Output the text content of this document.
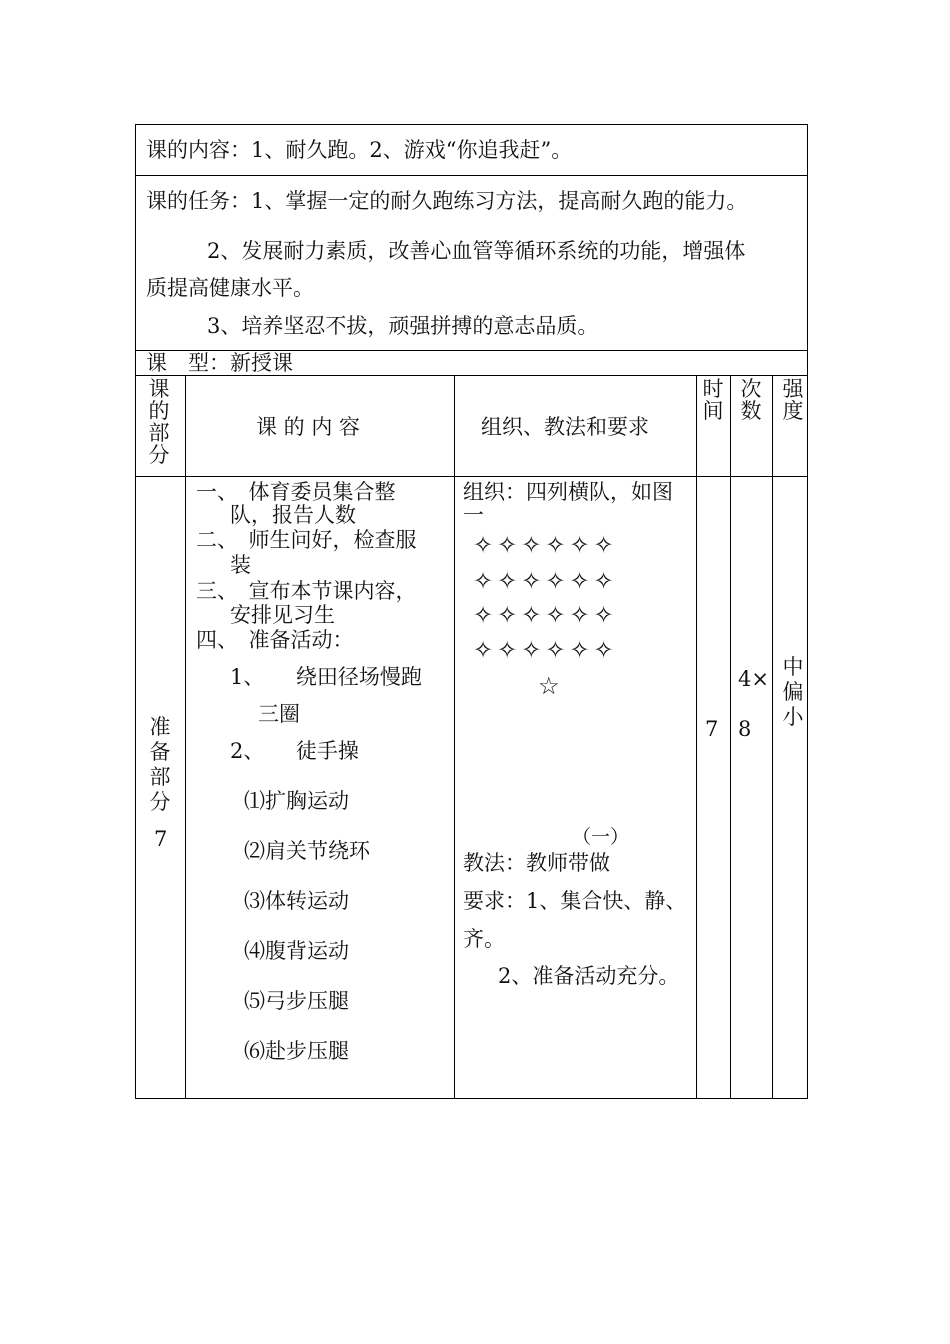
课的内容：1、耐久跑。2、游戏“你追我赶”。
课的任务：1、掌握一定的耐久跑练习方法，提高耐久跑的能力。
2、发展耐力素质，改善心血管等循环系统的功能，增强体
质提高健康水平。
3、培养坚忍不拔，顽强拼搏的意志品质。
课　型：新授课
课的部分
课 的 内 容	组织、教法和要求
时间
次数
强度
准备部分
7
一、　体育委员集合整
队，报告人数
二、　师生问好，检查服
装
三、　宣布本节课内容，
安排见习生
四、　准备活动：
1、　　绕田径场慢跑
三圈
2、　　徒手操
⑴扩胸运动
⑵肩关节绕环
⑶体转运动
⑷腹背运动
⑸弓步压腿
⑹赴步压腿
组织：四列横队，如图
一
✧✧✧✧✧✧
✧✧✧✧✧✧
✧✧✧✧✧✧
✧✧✧✧✧✧
☆
（一）
教法：教师带做
要求：1、集合快、静、
齐。
2、准备活动充分。
7
4×
8
中偏小
